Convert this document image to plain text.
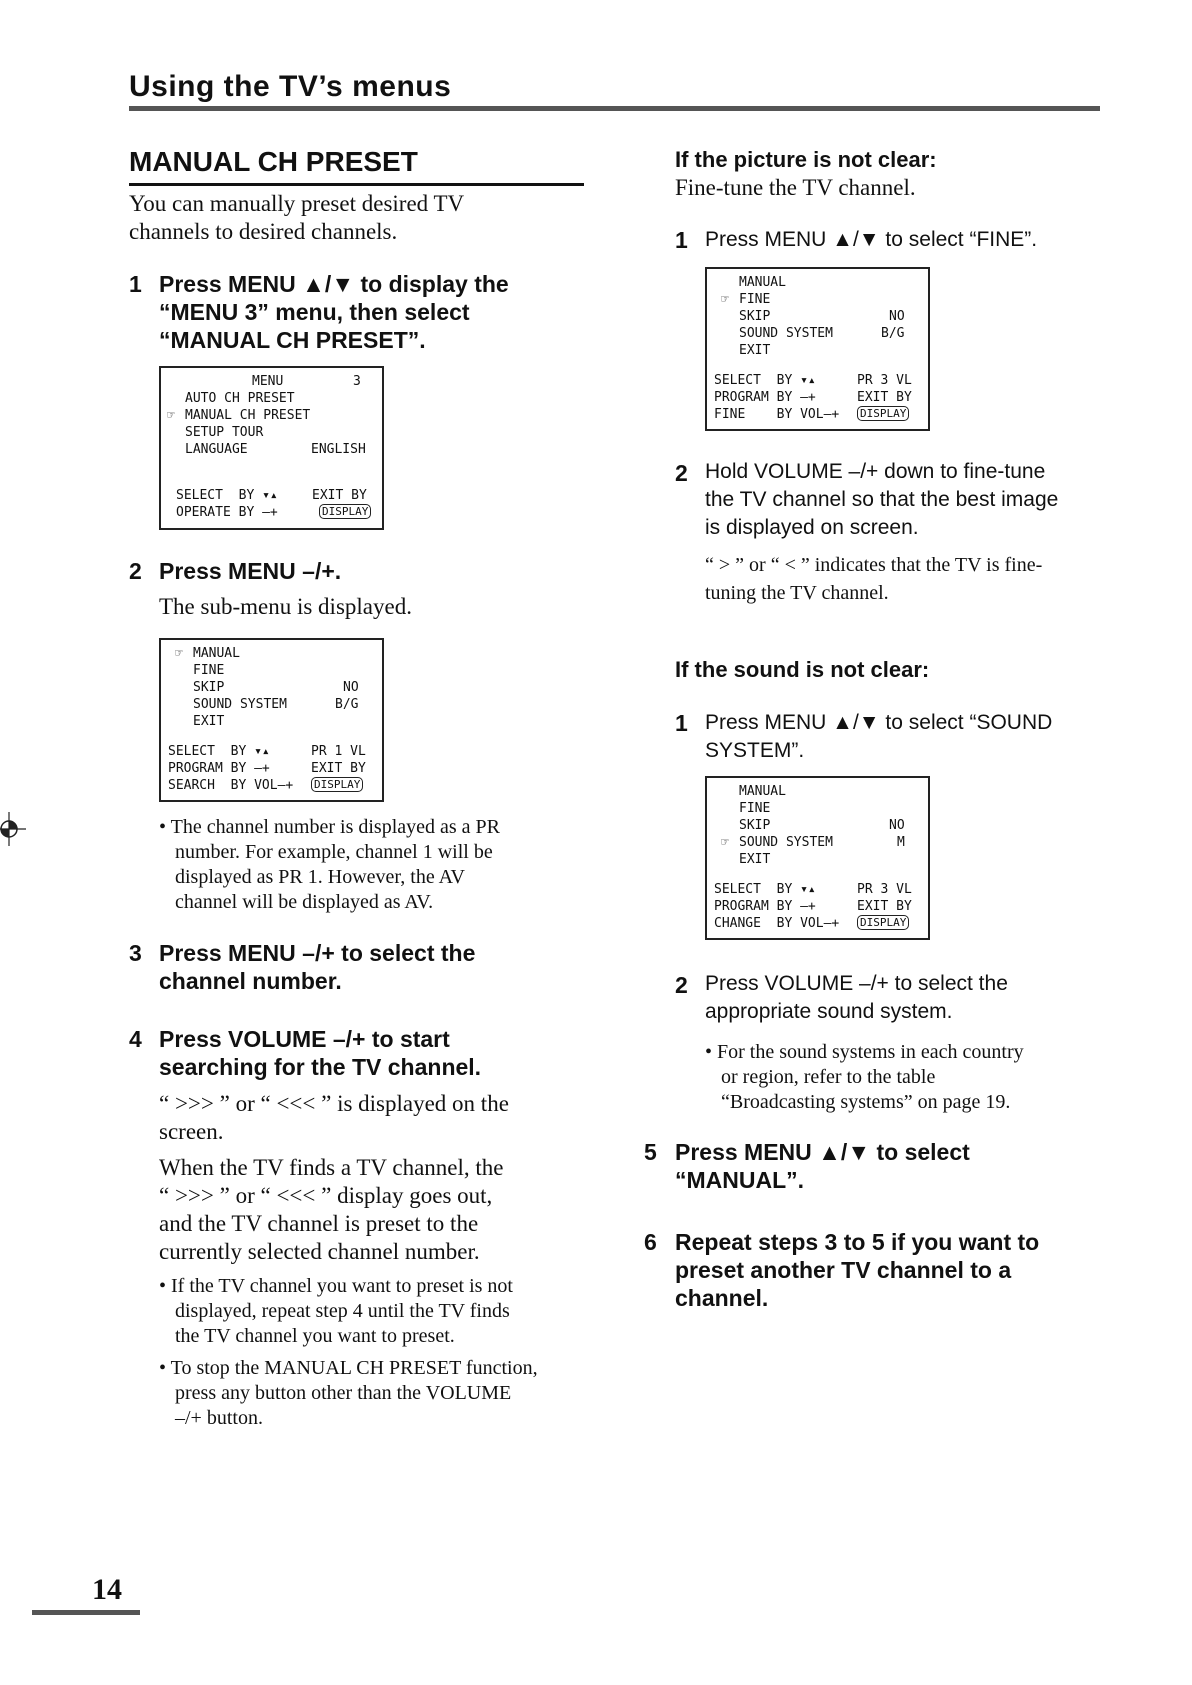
Using the TV’s menus
MANUAL CH PRESET
You can manually preset desired TV
channels to desired channels.
1 Press MENU ▲/▼ to display the
“MENU 3” menu, then select
“MANUAL CH PRESET”.
MENU	3
AUTO CH PRESET
☞ MANUAL CH PRESET
SETUP TOUR
LANGUAGE	ENGLISH
SELECT  BY ▾▴	EXIT BY
OPERATE BY –+	DISPLAY
2 Press MENU –/+.
The sub-menu is displayed.
☞ MANUAL
FINE
SKIP	NO
SOUND SYSTEM	B/G
EXIT
SELECT  BY ▾▴	PR 1 VL
PROGRAM BY –+	EXIT BY
SEARCH  BY VOL–+ DISPLAY
• The channel number is displayed as a PR
number. For example, channel 1 will be
displayed as PR 1. However, the AV
channel will be displayed as AV.
3 Press MENU –/+ to select the
channel number.
4 Press VOLUME –/+ to start
searching for the TV channel.
“ >>> ” or “ <<< ” is displayed on the
screen.
When the TV finds a TV channel, the
“ >>> ” or “ <<< ” display goes out,
and the TV channel is preset to the
currently selected channel number.
• If the TV channel you want to preset is not
displayed, repeat step 4 until the TV finds
the TV channel you want to preset.
• To stop the MANUAL CH PRESET function,
press any button other than the VOLUME
–/+ button.
If the picture is not clear:
Fine-tune the TV channel.
1 Press MENU ▲/▼ to select “FINE”.
MANUAL
☞ FINE
SKIP	NO
SOUND SYSTEM	B/G
EXIT
SELECT  BY ▾▴	PR 3 VL
PROGRAM BY –+	EXIT BY
FINE    BY VOL–+ DISPLAY
2 Hold VOLUME –/+ down to fine-tune
the TV channel so that the best image
is displayed on screen.
“ > ” or “ < ” indicates that the TV is fine-
tuning the TV channel.
If the sound is not clear:
1 Press MENU ▲/▼ to select “SOUND
SYSTEM”.
MANUAL
FINE
SKIP	NO
☞ SOUND SYSTEM	M
EXIT
SELECT  BY ▾▴	PR 3 VL
PROGRAM BY –+	EXIT BY
CHANGE  BY VOL–+ DISPLAY
2 Press VOLUME –/+ to select the
appropriate sound system.
• For the sound systems in each country
or region, refer to the table
“Broadcasting systems” on page 19.
5 Press MENU ▲/▼ to select
“MANUAL”.
6 Repeat steps 3 to 5 if you want to
preset another TV channel to a
channel.
14
